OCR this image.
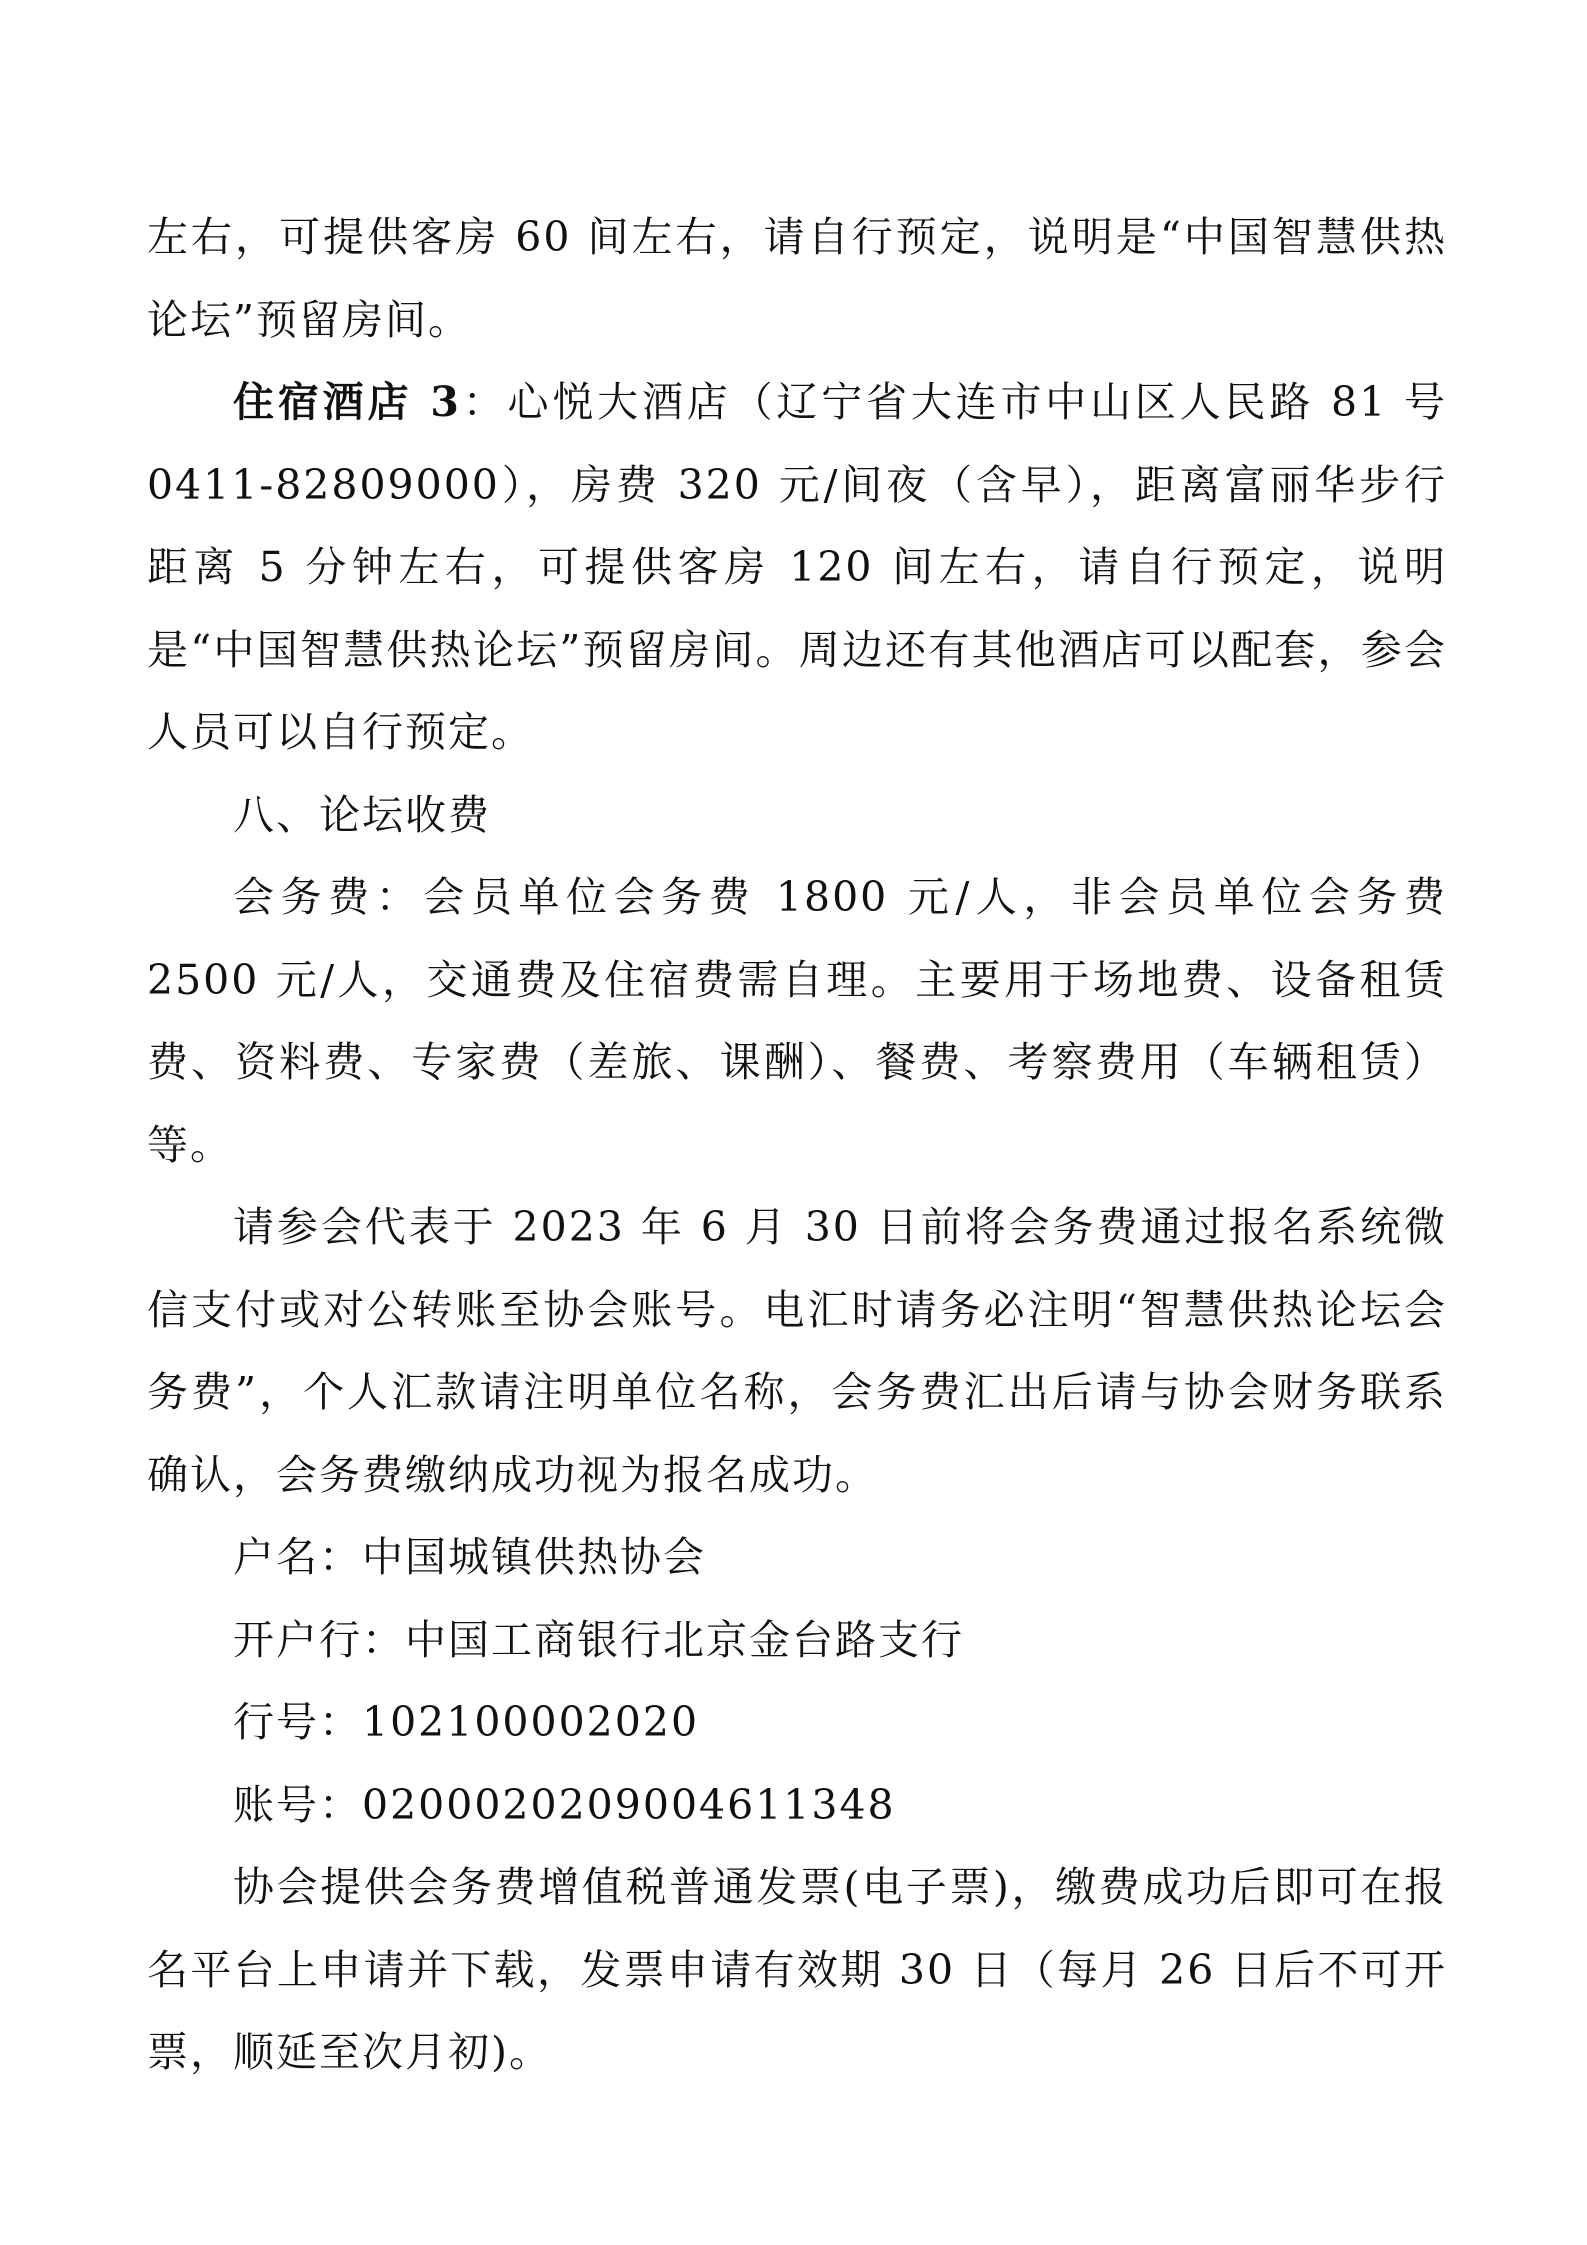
左右，可提供客房 60 间左右，请自行预定，说明是“中国智慧供热论坛”预留房间。

住宿酒店 3：心悦大酒店（辽宁省大连市中山区人民路 81 号 0411-82809000），房费 320 元/间夜（含早），距离富丽华步行距离 5 分钟左右，可提供客房 120 间左右，请自行预定，说明是“中国智慧供热论坛”预留房间。周边还有其他酒店可以配套，参会人员可以自行预定。

八、论坛收费

会务费：会员单位会务费 1800 元/人，非会员单位会务费 2500 元/人，交通费及住宿费需自理。主要用于场地费、设备租赁费、资料费、专家费（差旅、课酬）、餐费、考察费用（车辆租赁）等。

请参会代表于 2023 年 6 月 30 日前将会务费通过报名系统微信支付或对公转账至协会账号。电汇时请务必注明“智慧供热论坛会务费”，个人汇款请注明单位名称，会务费汇出后请与协会财务联系确认，会务费缴纳成功视为报名成功。

户名：中国城镇供热协会

开户行：中国工商银行北京金台路支行

行号：102100002020

账号：0200020209004611348

协会提供会务费增值税普通发票(电子票)，缴费成功后即可在报名平台上申请并下载，发票申请有效期 30 日（每月 26 日后不可开票，顺延至次月初)。
